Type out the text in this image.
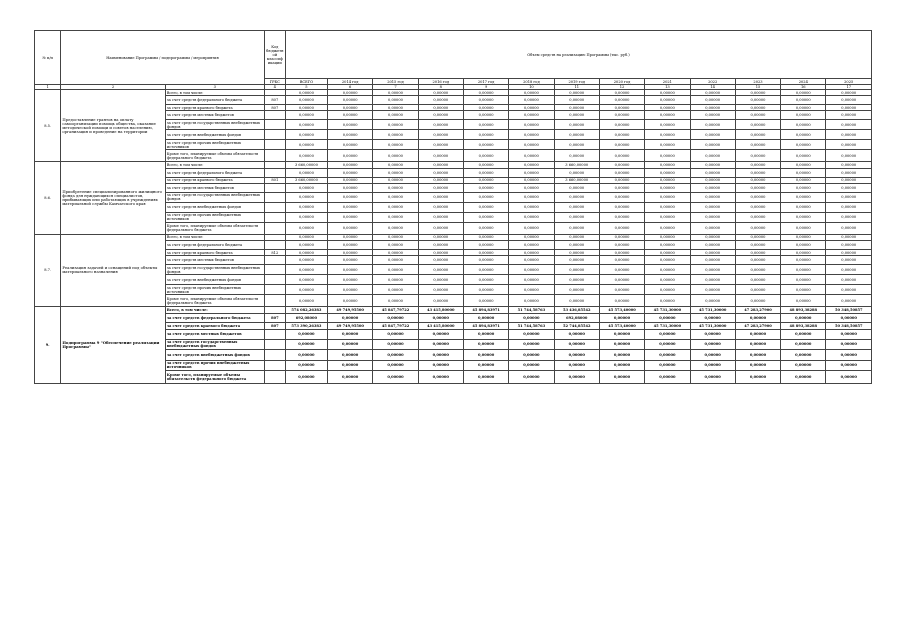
№ п/п	Наименование Программы / подпрограммы / мероприятия		Код бюджетной классификации	Объем средств на реализацию Программы (тыс. руб.)												
			ГРБС	ВСЕГО	2014 год	2015 год	2016 год	2017 год	2018 год	2019 год	2020 год	2021	2022	2023	2024	2025
1	2	3	4	5	6	7	8	9	10	11	12	13	14	15	16	17
8.5.	Предоставление грантов на оплату самоорганизации помощь общества, оказание методической помощи и советов населению, организация и проведение на территории	Всего, в том числе:		0,00000	0,00000	0,00000	0,00000	0,00000	0,00000	0,00000	0,00000	0,00000	0,00000	0,00000	0,00000	0,00000
		за счет средств федерального бюджета	807	0,00000	0,00000	0,00000	0,00000	0,00000	0,00000	0,00000	0,00000	0,00000	0,00000	0,00000	0,00000	0,00000
		за счет средств краевого бюджета	807	0,00000	0,00000	0,00000	0,00000	0,00000	0,00000	0,00000	0,00000	0,00000	0,00000	0,00000	0,00000	0,00000
		за счет средств местных бюджетов		0,00000	0,00000	0,00000	0,00000	0,00000	0,00000	0,00000	0,00000	0,00000	0,00000	0,00000	0,00000	0,00000
		за счет средств государственных внебюджетных фондов		0,00000	0,00000	0,00000	0,00000	0,00000	0,00000	0,00000	0,00000	0,00000	0,00000	0,00000	0,00000	0,00000
		за счет средств внебюджетных фондов		0,00000	0,00000	0,00000	0,00000	0,00000	0,00000	0,00000	0,00000	0,00000	0,00000	0,00000	0,00000	0,00000
		за счет средств прочих внебюджетных источников		0,00000	0,00000	0,00000	0,00000	0,00000	0,00000	0,00000	0,00000	0,00000	0,00000	0,00000	0,00000	0,00000
		Кроме того, планируемые объемы обязательств федерального бюджета		0,00000	0,00000	0,00000	0,00000	0,00000	0,00000	0,00000	0,00000	0,00000	0,00000	0,00000	0,00000	0,00000
8.6.	Приобретение специализированного жилищного фонда для нуждающихся специалистов, прибывающих или работающих в учреждениях материальной службы Камчатского края	Всего, в том числе:		3 660,00000	0,00000	0,00000	0,00000	0,00000	0,00000	3 660,00000	0,00000	0,00000	0,00000	0,00000	0,00000	0,00000
		за счет средств федерального бюджета		0,00000	0,00000	0,00000	0,00000	0,00000	0,00000	0,00000	0,00000	0,00000	0,00000	0,00000	0,00000	0,00000
		за счет средств краевого бюджета	801	3 660,00000	0,00000	0,00000	0,00000	0,00000	0,00000	3 660,00000	0,00000	0,00000	0,00000	0,00000	0,00000	0,00000
		за счет средств местных бюджетов		0,00000	0,00000	0,00000	0,00000	0,00000	0,00000	0,00000	0,00000	0,00000	0,00000	0,00000	0,00000	0,00000
		за счет средств государственных внебюджетных фондов		0,00000	0,00000	0,00000	0,00000	0,00000	0,00000	0,00000	0,00000	0,00000	0,00000	0,00000	0,00000	0,00000
		за счет средств внебюджетных фондов		0,00000	0,00000	0,00000	0,00000	0,00000	0,00000	0,00000	0,00000	0,00000	0,00000	0,00000	0,00000	0,00000
		за счет средств прочих внебюджетных источников		0,00000	0,00000	0,00000	0,00000	0,00000	0,00000	0,00000	0,00000	0,00000	0,00000	0,00000	0,00000	0,00000
		Кроме того, планируемые объемы обязательств федерального бюджета		0,00000	0,00000	0,00000	0,00000	0,00000	0,00000	0,00000	0,00000	0,00000	0,00000	0,00000	0,00000	0,00000
8.7.	Реализация задачей и оснащений под объекты материального назначения	Всего, в том числе:		0,00000	0,00000	0,00000	0,00000	0,00000	0,00000	0,00000	0,00000	0,00000	0,00000	0,00000	0,00000	0,00000
		за счет средств федерального бюджета		0,00000	0,00000	0,00000	0,00000	0,00000	0,00000	0,00000	0,00000	0,00000	0,00000	0,00000	0,00000	0,00000
		за счет средств краевого бюджета	812	0,00000	0,00000	0,00000	0,00000	0,00000	0,00000	0,00000	0,00000	0,00000	0,00000	0,00000	0,00000	0,00000
		за счет средств местных бюджетов		0,00000	0,00000	0,00000	0,00000	0,00000	0,00000	0,00000	0,00000	0,00000	0,00000	0,00000	0,00000	0,00000
		за счет средств государственных внебюджетных фондов		0,00000	0,00000	0,00000	0,00000	0,00000	0,00000	0,00000	0,00000	0,00000	0,00000	0,00000	0,00000	0,00000
		за счет средств внебюджетных фондов		0,00000	0,00000	0,00000	0,00000	0,00000	0,00000	0,00000	0,00000	0,00000	0,00000	0,00000	0,00000	0,00000
		за счет средств прочих внебюджетных источников		0,00000	0,00000	0,00000	0,00000	0,00000	0,00000	0,00000	0,00000	0,00000	0,00000	0,00000	0,00000	0,00000
		Кроме того, планируемые объемы обязательств федерального бюджета		0,00000	0,00000	0,00000	0,00000	0,00000	0,00000	0,00000	0,00000	0,00000	0,00000	0,00000	0,00000	0,00000
9.	Подпрограмма 9 "Обеспечение реализации Программы"	Всего, в том числе:		574 082,26383	49 749,95500	45 847,79722	43 415,80000	45 894,83971	51 744,58763	53 436,85542	45 573,40000	45 731,30000	45 731,30000	47 283,27900	48 893,38288	50 348,50857
		за счет средств федерального бюджета	807	692,08000	0,00000	0,00000	0,00000	0,00000	0,00000	692,08000	0,00000	0,00000	0,00000	0,00000	0,00000	0,00000
		за счет средств краевого бюджета	807	573 390,26383	49 749,95500	45 847,79722	43 415,80000	45 894,83971	51 744,58763	52 744,85542	45 573,40000	45 731,30000	45 731,30000	47 283,27900	48 893,38288	50 348,50857
		за счет средств местных бюджетов		0,00000	0,00000	0,00000	0,00000	0,00000	0,00000	0,00000	0,00000	0,00000	0,00000	0,00000	0,00000	0,00000
		за счет средств государственных внебюджетных фондов		0,00000	0,00000	0,00000	0,00000	0,00000	0,00000	0,00000	0,00000	0,00000	0,00000	0,00000	0,00000	0,00000
		за счет средств внебюджетных фондов		0,00000	0,00000	0,00000	0,00000	0,00000	0,00000	0,00000	0,00000	0,00000	0,00000	0,00000	0,00000	0,00000
		за счет средств прочих внебюджетных источников		0,00000	0,00000	0,00000	0,00000	0,00000	0,00000	0,00000	0,00000	0,00000	0,00000	0,00000	0,00000	0,00000
		Кроме того, планируемые объемы обязательств федерального бюджета		0,00000	0,00000	0,00000	0,00000	0,00000	0,00000	0,00000	0,00000	0,00000	0,00000	0,00000	0,00000	0,00000
